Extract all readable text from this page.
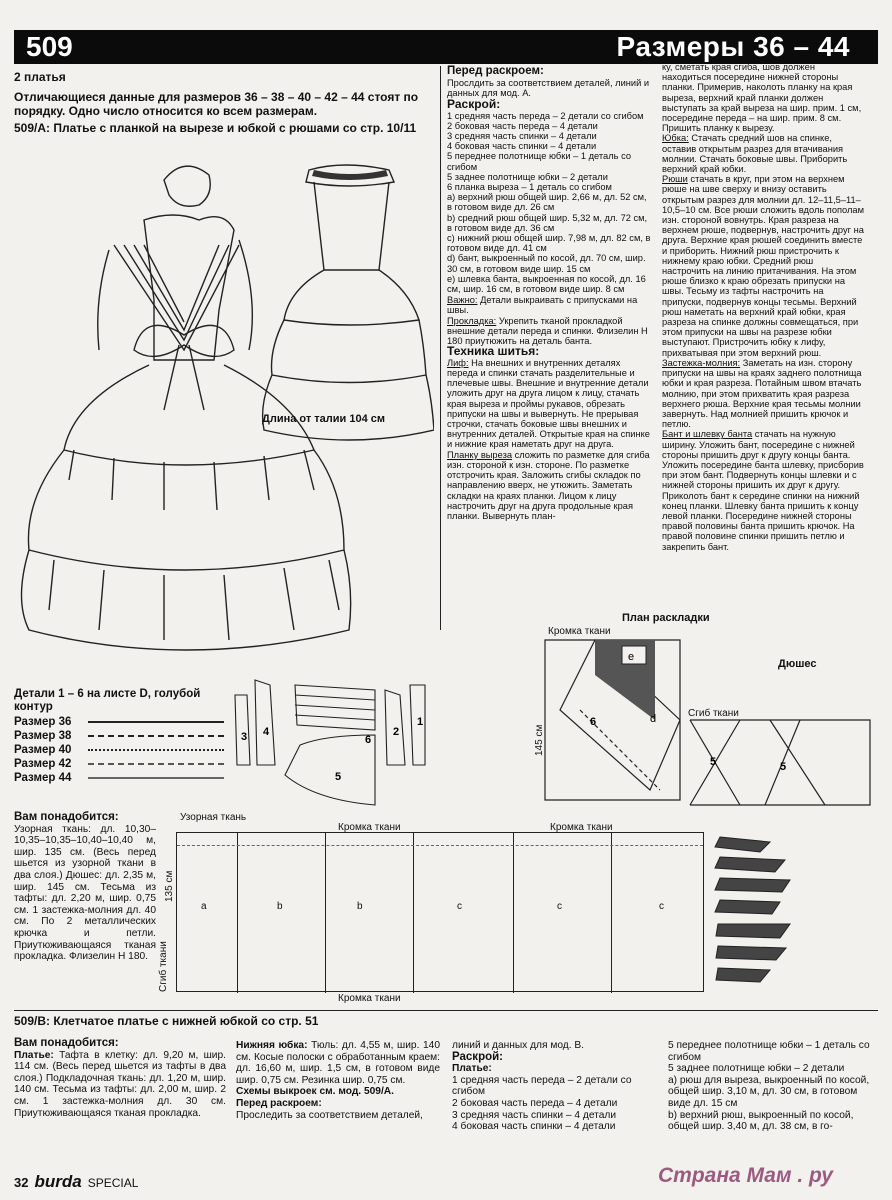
509	Размеры 36 – 44

2 платья

Отличающиеся данные для размеров 36 – 38 – 40 – 42 – 44 стоят по порядку. Одно число относится ко всем размерам.

509/А: Платье с планкой на вырезе и юбкой с рюшами со стр. 10/11

Длина от талии 104 см

Детали 1 – 6 на листе D, голубой контур

Размер 36
Размер 38
Размер 40
Размер 42
Размер 44
3 4
6
2
1
5

Вам понадобится:

Узорная ткань: дл. 10,30–10,35–10,35–10,40–10,40 м, шир. 135 см. (Весь перед шьется из узорной ткани в два слоя.) Дюшес: дл. 2,35 м, шир. 145 см. Тесьма из тафты: дл. 2,20 м, шир. 0,75 см. 1 застежка-молния дл. 40 см. По 2 металлических крючка и петли. Приутюживающаяся тканая прокладка. Флизелин Н 180.

Перед раскроем:

Прослдить за соответствием деталей, линий и данных для мод. А.

Раскрой:

1 средняя часть переда – 2 детали со сгибом

2 боковая часть переда – 4 детали

3 средняя часть спинки – 4 детали

4 боковая часть спинки – 4 детали

5 переднее полотнище юбки – 1 деталь со сгибом

5 заднее полотнище юбки – 2 детали

6 планка выреза – 1 деталь со сгибом

а) верхний рюш общей шир. 2,66 м, дл. 52 см, в готовом виде дл. 26 см

b) средний рюш общей шир. 5,32 м, дл. 72 см, в готовом виде дл. 36 см

с) нижний рюш общей шир. 7,98 м, дл. 82 см, в готовом виде дл. 41 см

d) бант, выкроенный по косой, дл. 70 см, шир. 30 см, в готовом виде шир. 15 см

е) шлевка банта, выкроенная по косой, дл. 16 см, шир. 16 см, в готовом виде шир. 8 см

Важно: Детали выкраивать с припусками на швы.

Прокладка: Укрепить тканой прокладкой внешние детали переда и спинки. Флизелин Н 180 приутюжить на деталь банта.

Техника шитья:

Лиф: На внешних и внутренних деталях переда и спинки стачать разделительные и плечевые швы. Внешние и внутренние детали уложить друг на друга лицом к лицу, стачать края выреза и проймы рукавов, обрезать припуски на швы и вывернуть. Не прерывая строчки, стачать боковые швы внешних и внутренних деталей. Открытые края на спинке и нижние края наметать друг на друга.

Планку выреза сложить по разметке для сгиба изн. стороной к изн. стороне. По разметке отстрочить края. Заложить сгибы складок по направлению вверх, не утюжить. Заметать складки на краях планки. Лицом к лицу настрочить друг на друга продольные края планки. Вывернуть план-

ку, сметать края сгиба, шов должен находиться посередине нижней стороны планки. Примерив, наколоть планку на края выреза, верхний край планки должен выступать за край выреза на шир. прим. 1 см, посередине переда – на шир. прим. 8 см. Пришить планку к вырезу.

Юбка: Стачать средний шов на спинке, оставив открытым разрез для втачивания молнии. Стачать боковые швы. Приборить верхний край юбки.

Рюши стачать в круг, при этом на верхнем рюше на шве сверху и внизу оставить открытым разрез для молнии дл. 12–11,5–11–10,5–10 см. Все рюши сложить вдоль пополам изн. стороной вовнутрь. Края разреза на верхнем рюше, подвернув, настрочить друг на друга. Верхние края рюшей соединить вместе и приборить. Нижний рюш пристрочить к нижнему краю юбки. Средний рюш настрочить на линию притачивания. На этом рюше близко к краю обрезать припуски на швы. Тесьму из тафты настрочить на припуски, подвернув концы тесьмы. Верхний рюш наметать на верхний край юбки, края разреза на спинке должны совмещаться, при этом припуски на швы на разрезе юбки выступают. Пристрочить юбку к лифу, прихватывая при этом верхний рюш.

Застежка-молния: Заметать на изн. сторону припуски на швы на краях заднего полотнища юбки и края разреза. Потайным швом втачать молнию, при этом прихватить края разреза верхнего рюша. Верхние края тесьмы молнии завернуть. Над молнией пришить крючок и петлю.

Бант и шлевку банта стачать на нужную ширину. Уложить бант, посередине с нижней стороны пришить друг к другу концы банта. Уложить посередине банта шлевку, присборив при этом бант. Подвернуть концы шлевки и с нижней стороны пришить их друг к другу. Приколоть бант к середине спинки на нижний конец планки. Шлевку банта пришить к концу левой планки. Посередине нижней стороны правой половины банта пришить крючок. На правой половине спинки пришить петлю и закрепить бант.

План раскладки
Кромка ткани
Дюшес
Сгиб ткани
145 см
e
6	d
5	5
Узорная ткань
Кромка ткани	Кромка ткани
Кромка ткани
Сгиб ткани
135 см
a	b	b	c	c	c
509/В: Клетчатое платье с нижней юбкой со стр. 51

Вам понадобится:

Платье: Тафта в клетку: дл. 9,20 м, шир. 114 см. (Весь перед шьется из тафты в два слоя.) Подкладочная ткань: дл. 1,20 м, шир. 140 см. Тесьма из тафты: дл. 2,00 м, шир. 2 см. 1 застежка-молния дл. 30 см. Приутюживающаяся тканая прокладка.

Нижняя юбка: Тюль: дл. 4,55 м, шир. 140 см. Косые полоски с обработанным краем: дл. 16,60 м, шир. 1,5 см, в готовом виде шир. 0,75 см. Резинка шир. 0,75 см.

Схемы выкроек см. мод. 509/А.

Перед раскроем:

Проследить за соответствием деталей,

линий и данных для мод. В.

Раскрой:

Платье:

1 средняя часть переда – 2 детали со сгибом

2 боковая часть переда – 4 детали

3 средняя часть спинки – 4 детали

4 боковая часть спинки – 4 детали

5 переднее полотнище юбки – 1 деталь со сгибом

5 заднее полотнище юбки – 2 детали

а) рюш для выреза, выкроенный по косой, общей шир. 3,10 м, дл. 30 см, в готовом виде дл. 15 см

b) верхний рюш, выкроенный по косой, общей шир. 3,40 м, дл. 38 см, в го-

32 burda SPECIAL	Страна Мам . ру
